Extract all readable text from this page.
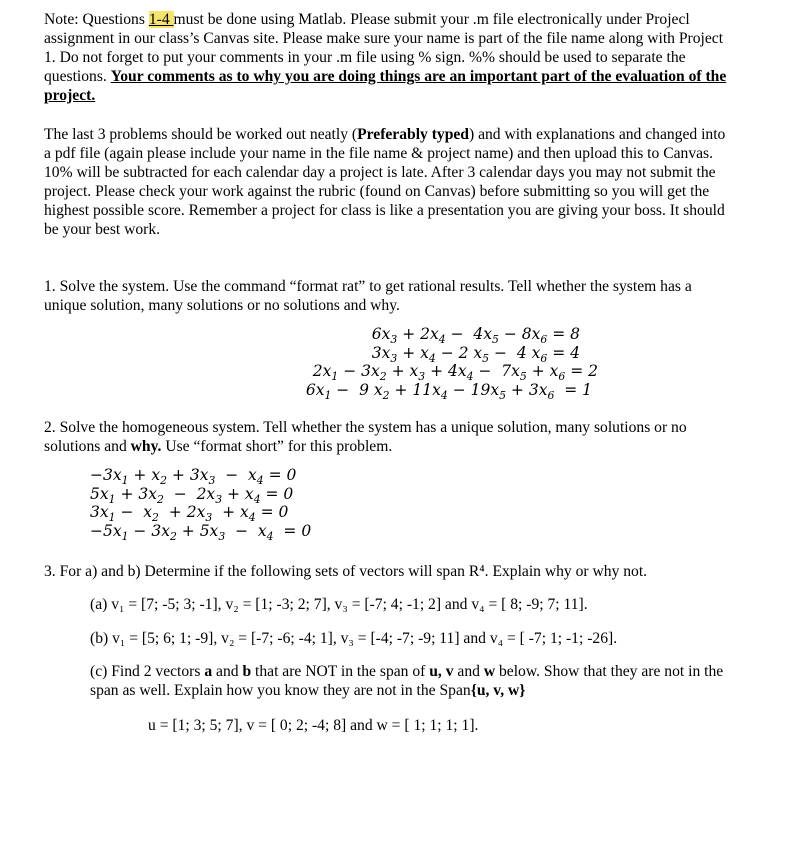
Note: Questions 1-4 must be done using Matlab. Please submit your .m file electronically under Projecl assignment in our class’s Canvas site. Please make sure your name is part of the file name along with Project 1. Do not forget to put your comments in your .m file using % sign. %% should be used to separate the questions. Your comments as to why you are doing things are an important part of the evaluation of the project.

The last 3 problems should be worked out neatly (Preferably typed) and with explanations and changed into a pdf file (again please include your name in the file name & project name) and then upload this to Canvas. 10% will be subtracted for each calendar day a project is late. After 3 calendar days you may not submit the project. Please check your work against the rubric (found on Canvas) before submitting so you will get the highest possible score. Remember a project for class is like a presentation you are giving your boss. It should be your best work.

1. Solve the system. Use the command “format rat” to get rational results. Tell whether the system has a unique solution, many solutions or no solutions and why.

$6x_3 + 2x_4 - 4x_5 - 8x_6 = 8$
$3x_3 + x_4 - 2$ $x_5 - 4$ $x_6 = 4$
$2x_1 - 3x_2 + x_3 + 4x_4 - 7x_5 + x_6 = 2$
$6x_1 - 9$ $x_2 + 11x_4 - 19x_5 + 3x_6 = 1$

2. Solve the homogeneous system. Tell whether the system has a unique solution, many solutions or no solutions and why. Use “format short” for this problem.

$-3x_1 + x_2 + 3x_3 - x_4 = 0$
$5x_1 + 3x_2 - 2x_3 + x_4 = 0$
$3x_1 - x_2 + 2x_3 + x_4 = 0$
$-5x_1 - 3x_2 + 5x_3 - x_4 = 0$

3. For a) and b) Determine if the following sets of vectors will span R⁴. Explain why or why not.

(a) v₁ = [7; -5; 3; -1], v₂ = [1; -3; 2; 7], v₃ = [-7; 4; -1; 2] and v₄ = [ 8; -9; 7; 11].

(b) v₁ = [5; 6; 1; -9], v₂ = [-7; -6; -4; 1], v₃ = [-4; -7; -9; 11] and v₄ = [ -7; 1; -1; -26].

(c) Find 2 vectors a and b that are NOT in the span of u, v and w below. Show that they are not in the span as well. Explain how you know they are not in the Span{u, v, w}

u = [1; 3; 5; 7], v = [ 0; 2; -4; 8] and w = [ 1; 1; 1; 1].
